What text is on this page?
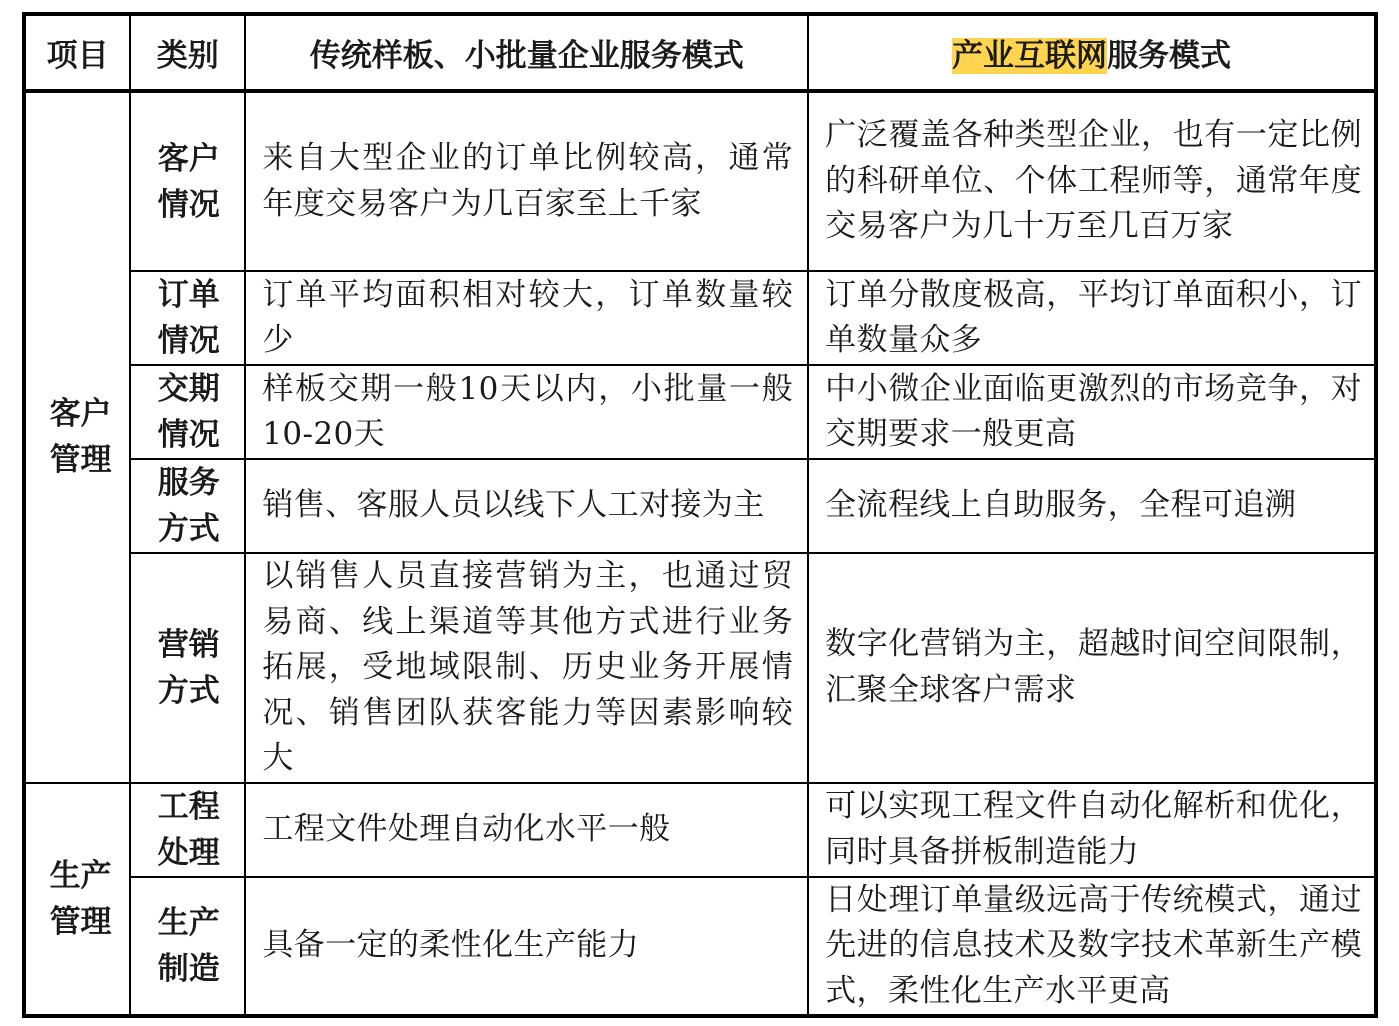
项目	类别	传统样板、小批量企业服务模式	产业互联网服务模式
客户管理	客户情况	来自大型企业的订单比例较高，通常年度交易客户为几百家至上千家	广泛覆盖各种类型企业，也有一定比例的科研单位、个体工程师等，通常年度交易客户为几十万至几百万家
	订单情况	订单平均面积相对较大，订单数量较少	订单分散度极高，平均订单面积小，订单数量众多
	交期情况	样板交期一般10天以内，小批量一般10-20天	中小微企业面临更激烈的市场竞争，对交期要求一般更高
	服务方式	销售、客服人员以线下人工对接为主	全流程线上自助服务，全程可追溯
	营销方式	以销售人员直接营销为主，也通过贸易商、线上渠道等其他方式进行业务拓展，受地域限制、历史业务开展情况、销售团队获客能力等因素影响较大	数字化营销为主，超越时间空间限制，汇聚全球客户需求
生产管理	工程处理	工程文件处理自动化水平一般	可以实现工程文件自动化解析和优化，同时具备拼板制造能力
	生产制造	具备一定的柔性化生产能力	日处理订单量级远高于传统模式，通过先进的信息技术及数字技术革新生产模式，柔性化生产水平更高
